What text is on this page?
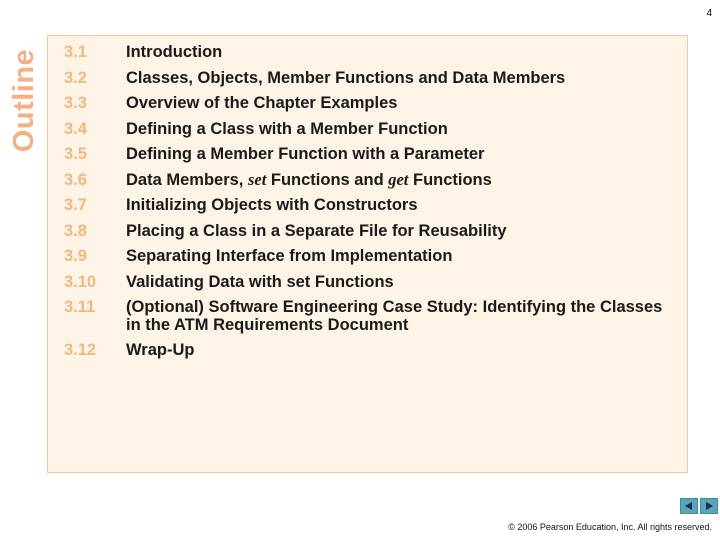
4
Outline 3.1	Introduction
3.2	Classes, Objects, Member Functions and Data Members
3.3	Overview of the Chapter Examples
3.4	Defining a Class with a Member Function
3.5	Defining a Member Function with a Parameter
3.6	Data Members, set Functions and get Functions
3.7	Initializing Objects with Constructors
3.8	Placing a Class in a Separate File for Reusability
3.9	Separating Interface from Implementation
3.10	Validating Data with set Functions
3.11	(Optional) Software Engineering Case Study: Identifying the Classes in the ATM Requirements Document
3.12	Wrap-Up
© 2006 Pearson Education, Inc. All rights reserved.
